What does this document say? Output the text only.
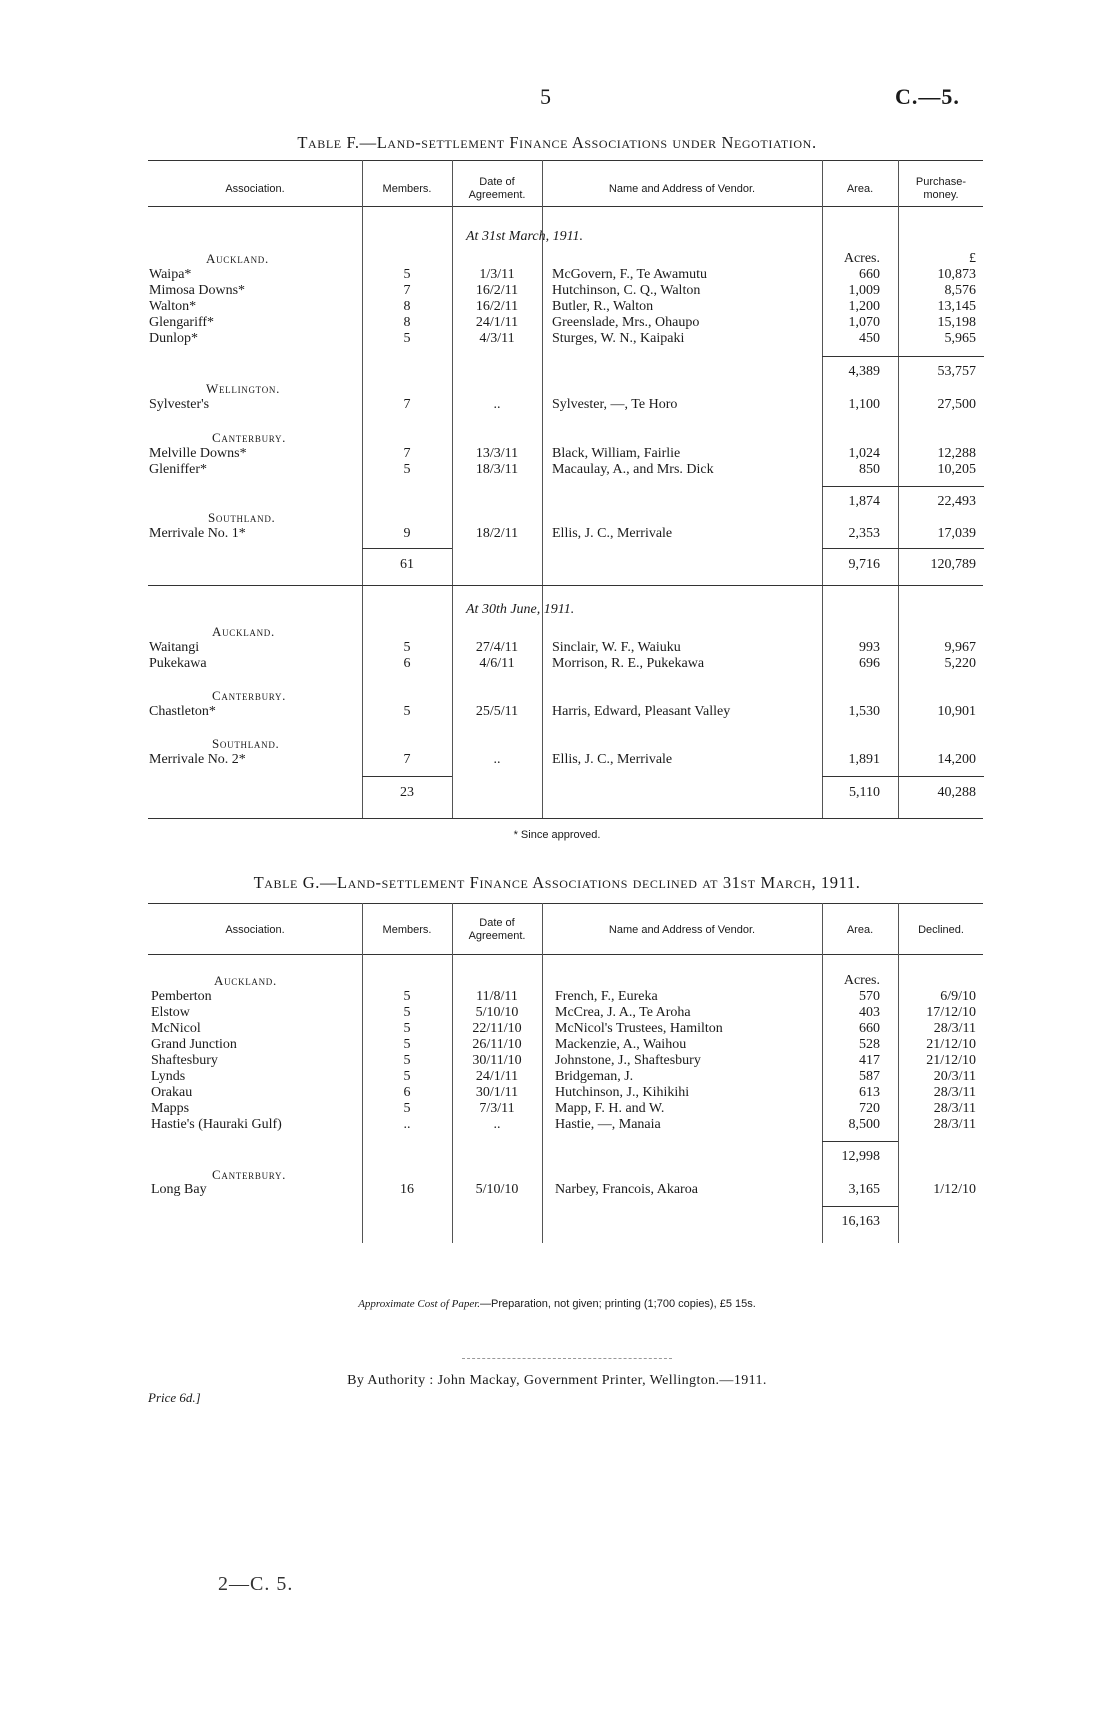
5	C.—5.
Table F.—Land-settlement Finance Associations under Negotiation.
Association.	Members.
Date of
Agreement.	Name and Address of Vendor.	Area.
Purchase-
money.
At 31st March, 1911.
Auckland.	Acres.	£
Waipa*	5	1/3/11	McGovern, F., Te Awamutu	660	10,873
Mimosa Downs*	7	16/2/11	Hutchinson, C. Q., Walton	1,009	8,576
Walton*	8	16/2/11	Butler, R., Walton	1,200	13,145
Glengariff*	8	24/1/11	Greenslade, Mrs., Ohaupo	1,070	15,198
Dunlop*	5	4/3/11	Sturges, W. N., Kaipaki	450	5,965
4,389	53,757
Wellington.
Sylvester's	7	..	Sylvester, —, Te Horo	1,100	27,500
Canterbury.
Melville Downs*	7	13/3/11	Black, William, Fairlie	1,024	12,288
Gleniffer*	5	18/3/11	Macaulay, A., and Mrs. Dick	850	10,205
1,874	22,493
Southland.
Merrivale No. 1*	9	18/2/11	Ellis, J. C., Merrivale	2,353	17,039
61	9,716	120,789
At 30th June, 1911.
Auckland.
Waitangi	5	27/4/11	Sinclair, W. F., Waiuku	993	9,967
Pukekawa	6	4/6/11	Morrison, R. E., Pukekawa	696	5,220
Canterbury.
Chastleton*	5	25/5/11	Harris, Edward, Pleasant Valley	1,530	10,901
Southland.
Merrivale No. 2*	7	..	Ellis, J. C., Merrivale	1,891	14,200
23	5,110	40,288
* Since approved.
Table G.—Land-settlement Finance Associations declined at 31st March, 1911.
Association.	Members.
Date of
Agreement.	Name and Address of Vendor.	Area.	Declined.
Auckland.	Acres.
Pemberton	5	11/8/11	French, F., Eureka	570	6/9/10
Elstow	5	5/10/10	McCrea, J. A., Te Aroha	403	17/12/10
McNicol	5	22/11/10	McNicol's Trustees, Hamilton	660	28/3/11
Grand Junction	5	26/11/10	Mackenzie, A., Waihou	528	21/12/10
Shaftesbury	5	30/11/10	Johnstone, J., Shaftesbury	417	21/12/10
Lynds	5	24/1/11	Bridgeman, J.	587	20/3/11
Orakau	6	30/1/11	Hutchinson, J., Kihikihi	613	28/3/11
Mapps	5	7/3/11	Mapp, F. H. and W.	720	28/3/11
Hastie's (Hauraki Gulf)	..	..	Hastie, —, Manaia	8,500	28/3/11
12,998
Canterbury.
Long Bay	16	5/10/10	Narbey, Francois, Akaroa	3,165	1/12/10
16,163
Approximate Cost of Paper.—Preparation, not given; printing (1;700 copies), £5 15s.
By Authority : John Mackay, Government Printer, Wellington.—1911.
Price 6d.]
2—C. 5.
